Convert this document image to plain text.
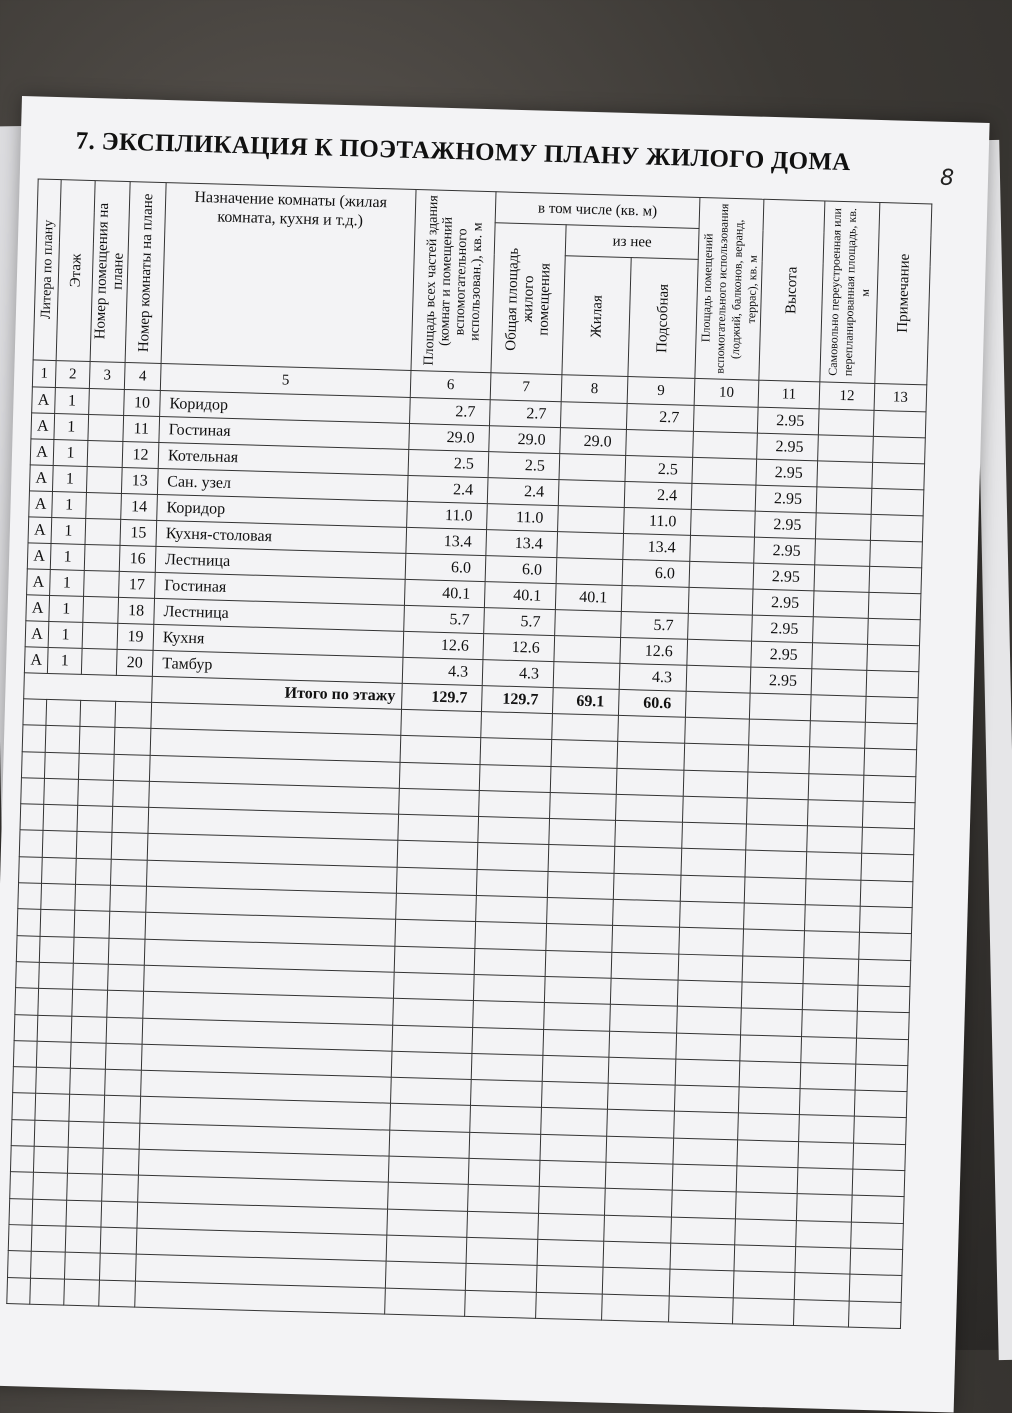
7. ЭКСПЛИКАЦИЯ К ПОЭТАЖНОМУ ПЛАНУ ЖИЛОГО ДОМА
8
Литера по плану	Этаж	Номер помещения на плане	Номер комнаты на плане	Назначение комнаты (жилая комната, кухня и т.д.)	Площадь всех частей здания (комнат и помещений вспомогательного использован.), кв. м	в том числе (кв. м)			Площадь помещений вспомогательного использования (лоджий, балконов, веранд, террас), кв. м	Высота	Самовольно переустроенная или перепланированная площадь, кв. м	Примечание

						Общая площадь жилого помещения	из нее					

							Жилая	Подсобная				

1	2	3	4	5	6	7	8	9	10	11	12	13
А	1		10	Коридор	2.7	2.7		2.7		2.95		
А	1		11	Гостиная	29.0	29.0	29.0			2.95		
А	1		12	Котельная	2.5	2.5		2.5		2.95		
А	1		13	Сан. узел	2.4	2.4		2.4		2.95		
А	1		14	Коридор	11.0	11.0		11.0		2.95		
А	1		15	Кухня-столовая	13.4	13.4		13.4		2.95		
А	1		16	Лестница	6.0	6.0		6.0		2.95		
А	1		17	Гостиная	40.1	40.1	40.1			2.95		
А	1		18	Лестница	5.7	5.7		5.7		2.95		
А	1		19	Кухня	12.6	12.6		12.6		2.95		
А	1		20	Тамбур	4.3	4.3		4.3		2.95		
				Итого по этажу	129.7	129.7	69.1	60.6				
